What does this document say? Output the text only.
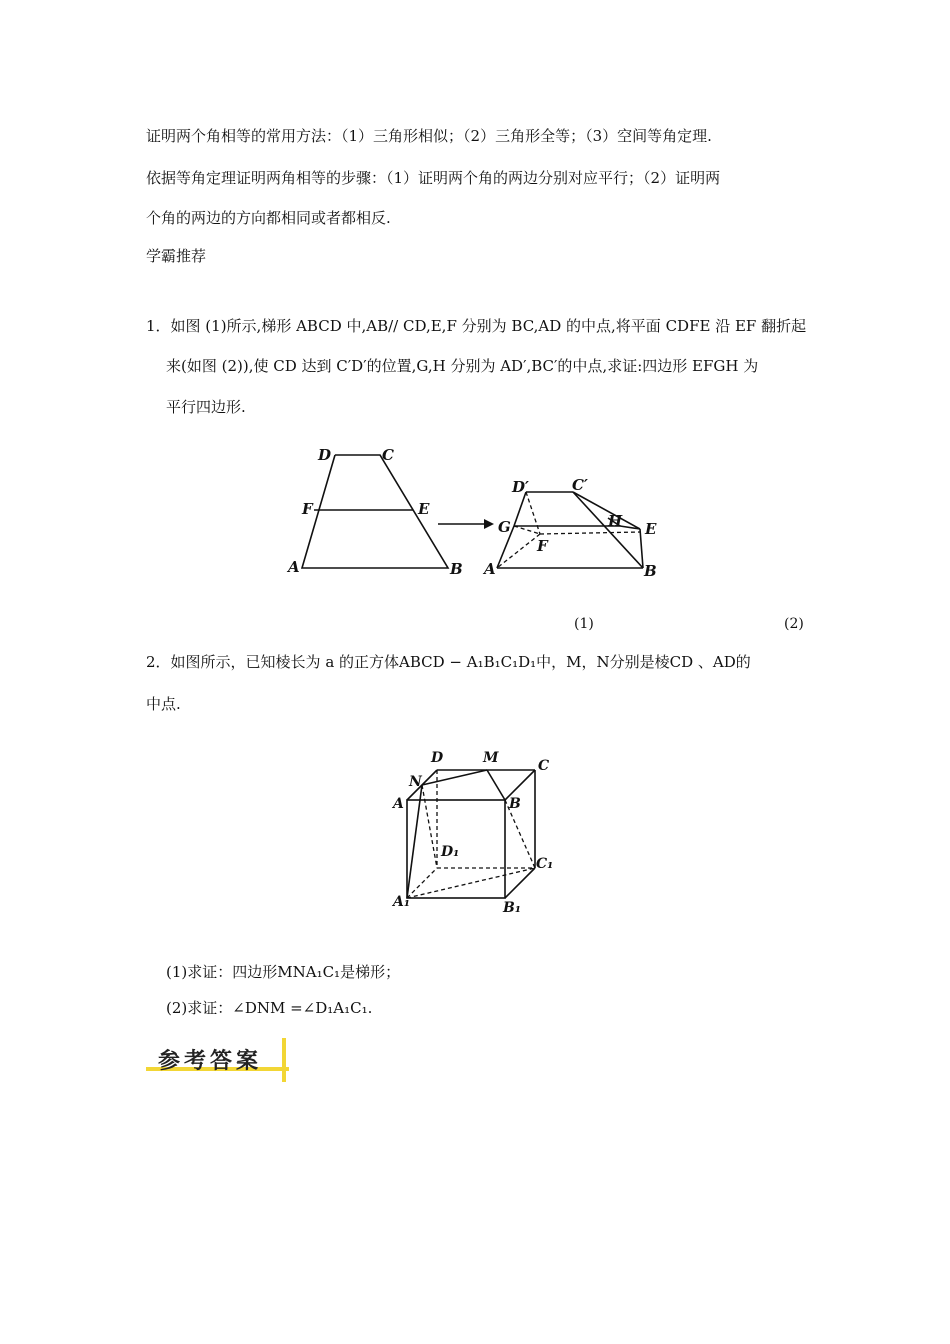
证明两个角相等的常用方法：（1）三角形相似；（2）三角形全等；（3）空间等角定理.
依据等角定理证明两角相等的步骤：（1）证明两个角的两边分别对应平行；（2）证明两
个角的两边的方向都相同或者都相反.
学霸推荐
1．如图 (1)所示,梯形 ABCD 中,AB// CD,E,F 分别为 BC,AD 的中点,将平面 CDFE 沿 EF 翻折起
来(如图 (2)),使 CD 达到 C′D′的位置,G,H 分别为 AD′,BC′的中点,求证:四边形 EFGH 为
平行四边形.
D	C
F	E
A	B
D′	C′
G	H
F
E
A	B
(1)	(2)
2．如图所示，已知棱长为 a 的正方体ABCD − A₁B₁C₁D₁中，M，N分别是棱CD 、AD的
中点.
D	M	C
N
A	B
D₁
C₁
A₁	B₁
(1)求证：四边形MNA₁C₁是梯形；
(2)求证：∠DNM =∠D₁A₁C₁.
参考答案
